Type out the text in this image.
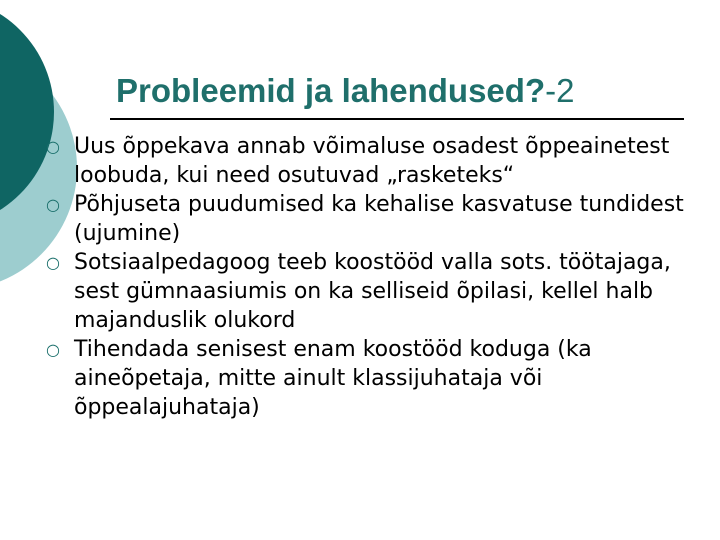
Probleemid ja lahendused?-2
○ Uus õppekava annab võimaluse osadest õppeainetest loobuda, kui need osutuvad „rasketeks“
○ Põhjuseta puudumised ka kehalise kasvatuse tundidest (ujumine)
○ Sotsiaalpedagoog teeb koostööd valla sots. töötajaga, sest gümnaasiumis on ka selliseid õpilasi, kellel halb majanduslik olukord
○ Tihendada senisest enam koostööd koduga (ka aineõpetaja, mitte ainult klassijuhataja või õppealajuhataja)
